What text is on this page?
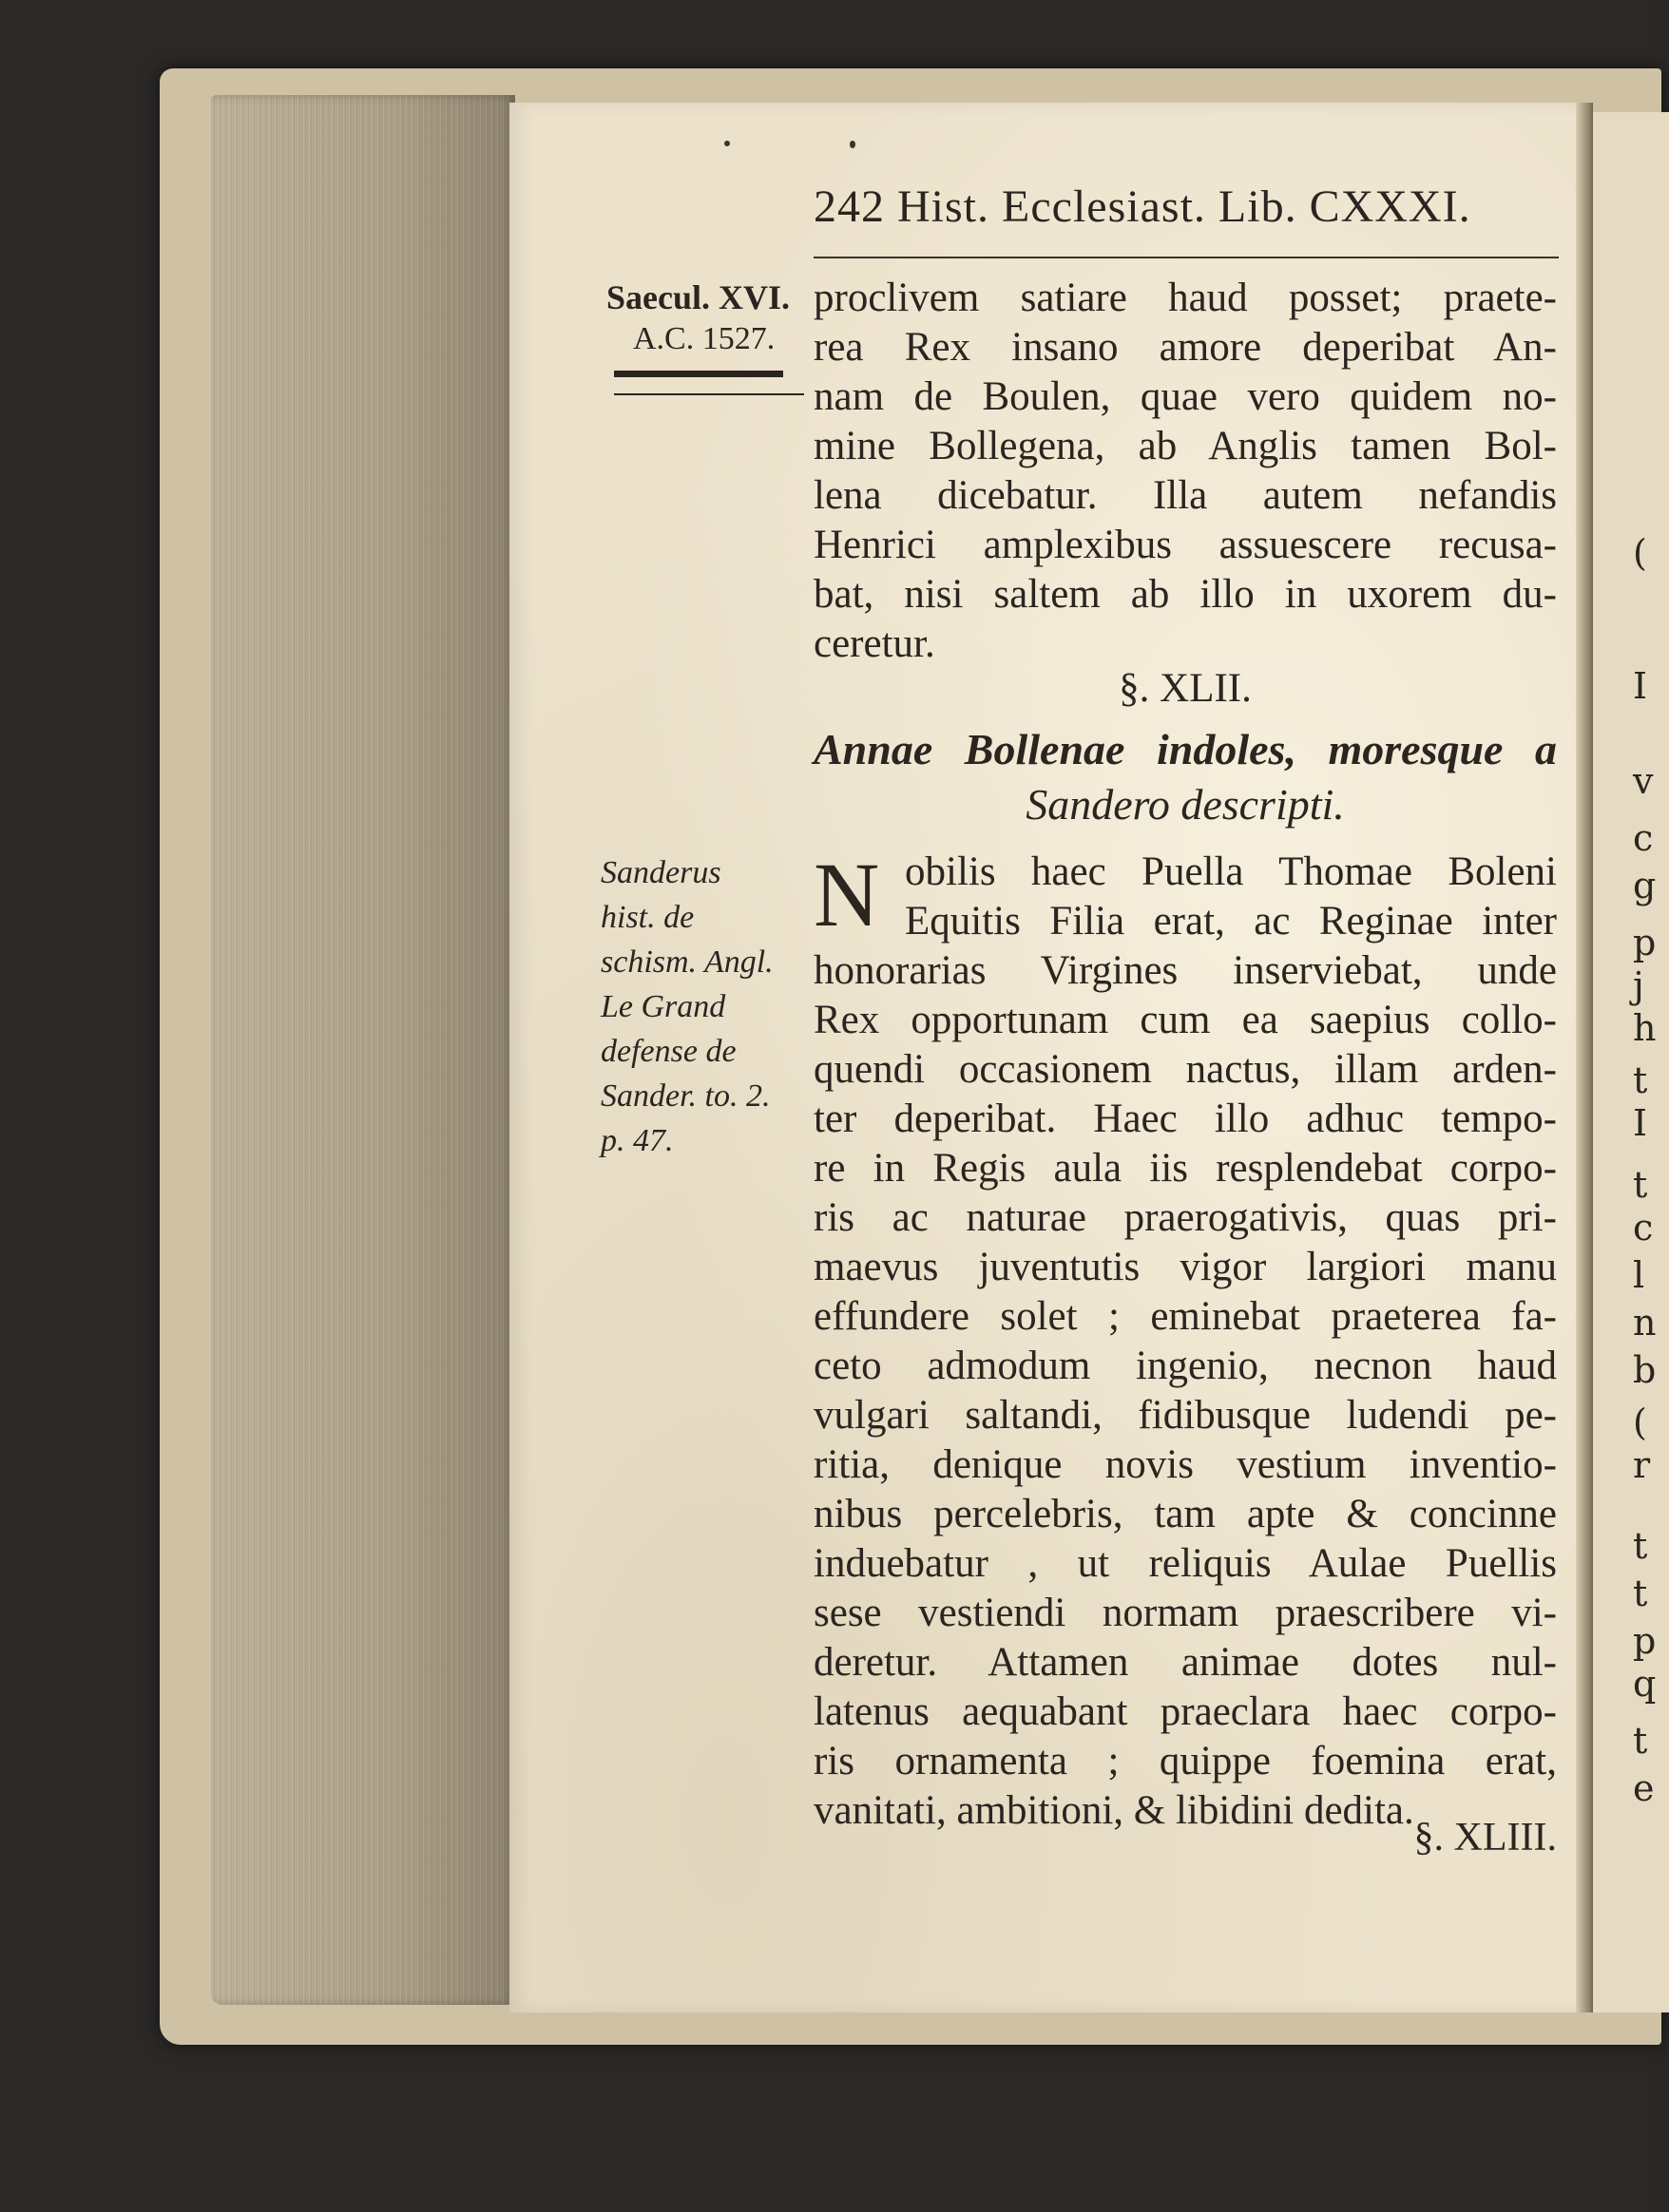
(
I
v
c
g
p
j
h
t
I
t
c
l
n
b
(
r
t
t
p
q
t
e
242 Hist. Ecclesiast. Lib. CXXXI.
Saecul. XVI.
A.C. 1527.
Sanderus
hist. de
schism. Angl.
Le Grand
defense de
Sander. to. 2.
p. 47.
proclivem satiare haud posset; praete-
rea Rex insano amore deperibat An-
nam de Boulen, quae vero quidem no-
mine Bollegena, ab Anglis tamen Bol-
lena dicebatur. Illa autem nefandis
Henrici amplexibus assuescere recusa-
bat, nisi saltem ab illo in uxorem du-
ceretur.
§. XLII.
Annae Bollenae indoles, moresque a
Sandero descripti.
N obilis haec Puella Thomae Boleni
Equitis Filia erat, ac Reginae inter
honorarias Virgines inserviebat, unde
Rex opportunam cum ea saepius collo-
quendi occasionem nactus, illam arden-
ter deperibat. Haec illo adhuc tempo-
re in Regis aula iis resplendebat corpo-
ris ac naturae praerogativis, quas pri-
maevus juventutis vigor largiori manu
effundere solet ; eminebat praeterea fa-
ceto admodum ingenio, necnon haud
vulgari saltandi, fidibusque ludendi pe-
ritia, denique novis vestium inventio-
nibus percelebris, tam apte & concinne
induebatur , ut reliquis Aulae Puellis
sese vestiendi normam praescribere vi-
deretur. Attamen animae dotes nul-
latenus aequabant praeclara haec corpo-
ris ornamenta ; quippe foemina erat,
vanitati, ambitioni, & libidini dedita.
§. XLIII.
